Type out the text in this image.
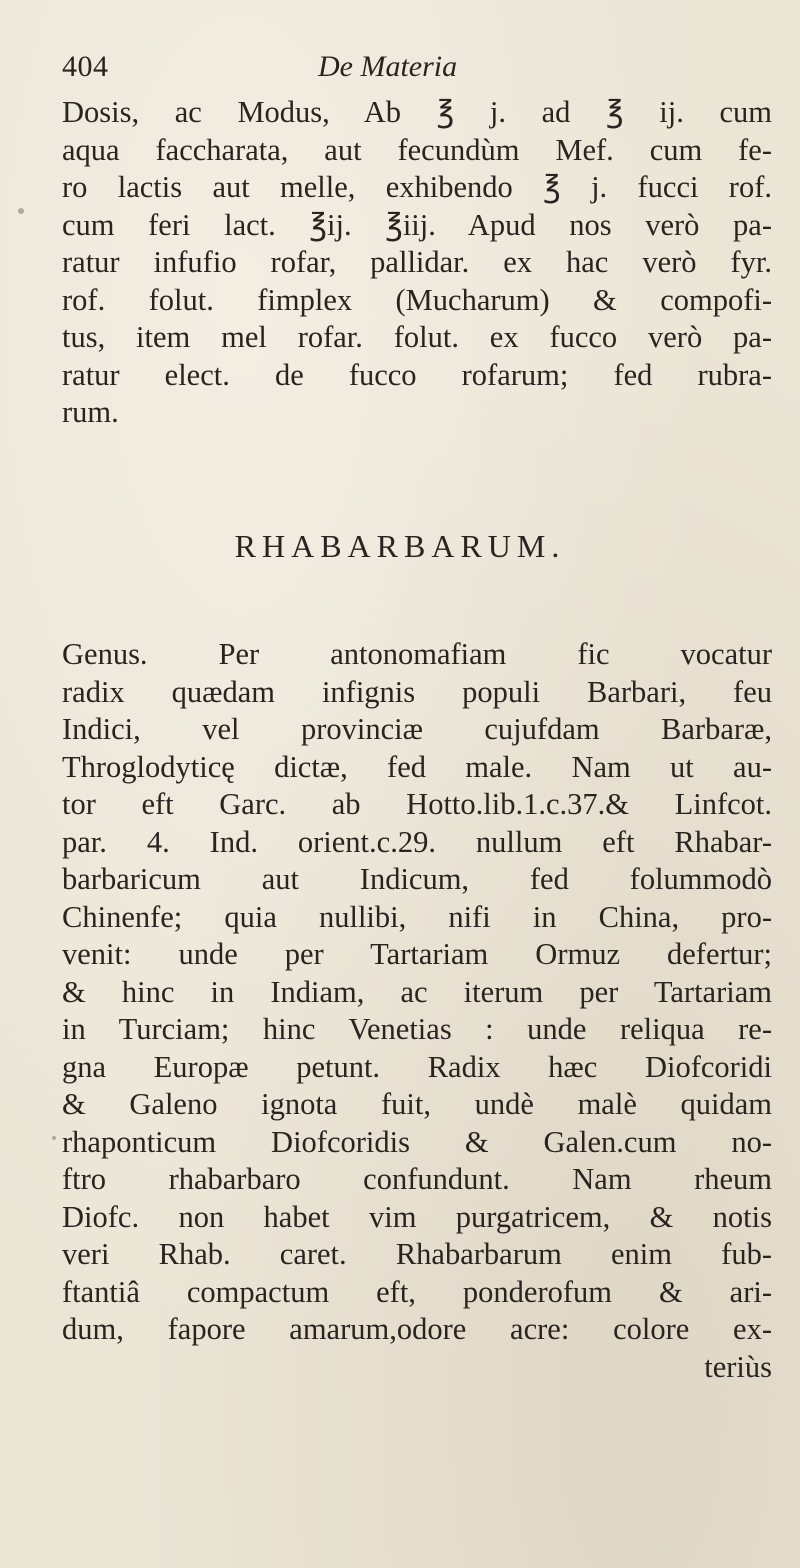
404	De Materia
Dosis, ac Modus, Ab ℥ j. ad ℥ ij. cum
aqua faccharata, aut fecundùm Mef. cum fe-
ro lactis aut melle, exhibendo ℥ j. fucci rof.
cum feri lact. ℥ij. ℥iij. Apud nos verò pa-
ratur infufio rofar, pallidar. ex hac verò fyr.
rof. folut. fimplex (Mucharum) & compofi-
tus, item mel rofar. folut. ex fucco verò pa-
ratur elect. de fucco rofarum; fed rubra-
rum.
RHABARBARUM.
Genus. Per antonomafiam fic vocatur
radix quædam infignis populi Barbari, feu
Indici, vel provinciæ cujufdam Barbaræ,
Throglodyticę dictæ, fed male. Nam ut au-
tor eft Garc. ab Hotto.lib.1.c.37.& Linfcot.
par. 4. Ind. orient.c.29. nullum eft Rhabar-
barbaricum aut Indicum, fed folummodò
Chinenfe; quia nullibi, nifi in China, pro-
venit: unde per Tartariam Ormuz defertur;
& hinc in Indiam, ac iterum per Tartariam
in Turciam; hinc Venetias : unde reliqua re-
gna Europæ petunt. Radix hæc Diofcoridi
& Galeno ignota fuit, undè malè quidam
rhaponticum Diofcoridis & Galen.cum no-
ftro rhabarbaro confundunt. Nam rheum
Diofc. non habet vim purgatricem, & notis
veri Rhab. caret. Rhabarbarum enim fub-
ftantiâ compactum eft, ponderofum & ari-
dum, fapore amarum,odore acre: colore ex-
teriùs
